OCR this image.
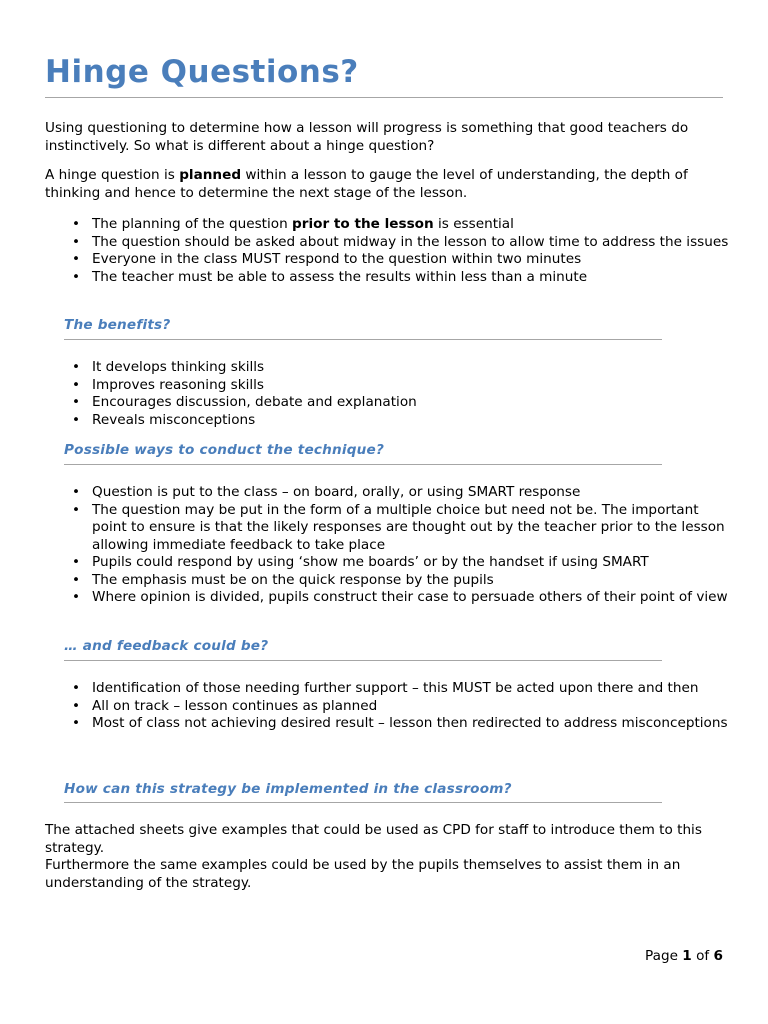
Hinge Questions?
Using questioning to determine how a lesson will progress is something that good teachers do instinctively. So what is different about a hinge question?
A hinge question is planned within a lesson to gauge the level of understanding, the depth of thinking and hence to determine the next stage of the lesson.
• The planning of the question prior to the lesson is essential
• The question should be asked about midway in the lesson to allow time to address the issues
• Everyone in the class MUST respond to the question within two minutes
• The teacher must be able to assess the results within less than a minute
The benefits?
• It develops thinking skills
• Improves reasoning skills
• Encourages discussion, debate and explanation
• Reveals misconceptions
Possible ways to conduct the technique?
• Question is put to the class – on board, orally, or using SMART response
• The question may be put in the form of a multiple choice but need not be. The important point to ensure is that the likely responses are thought out by the teacher prior to the lesson allowing immediate feedback to take place
• Pupils could respond by using ‘show me boards’ or by the handset if using SMART
• The emphasis must be on the quick response by the pupils
• Where opinion is divided, pupils construct their case to persuade others of their point of view
… and feedback could be?
• Identification of those needing further support – this MUST be acted upon there and then
• All on track – lesson continues as planned
• Most of class not achieving desired result – lesson then redirected to address misconceptions
How can this strategy be implemented in the classroom?
The attached sheets give examples that could be used as CPD for staff to introduce them to this strategy.
Furthermore the same examples could be used by the pupils themselves to assist them in an understanding of the strategy.
Page 1 of 6
